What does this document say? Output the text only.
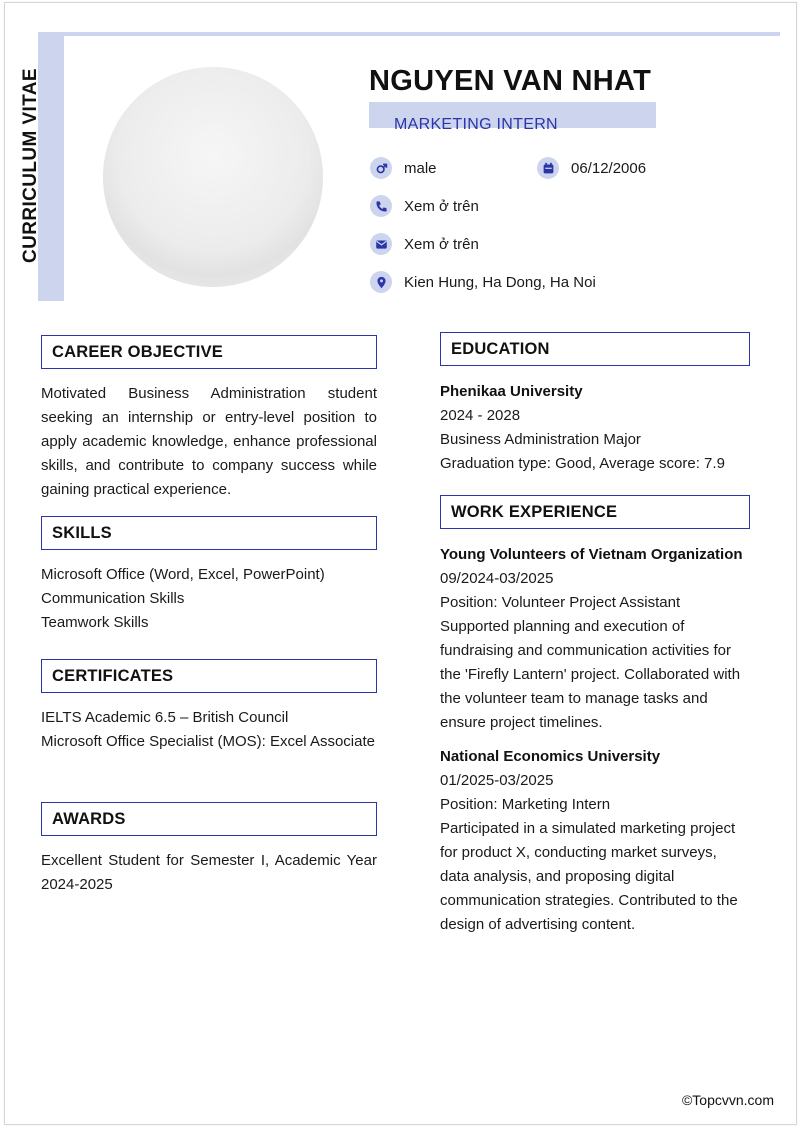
CURRICULUM VITAE	NGUYEN VAN NHAT
MARKETING INTERN
male	06/12/2006
Xem ở trên
Xem ở trên
Kien Hung, Ha Dong, Ha Noi
CAREER OBJECTIVE

Motivated Business Administration student seeking an internship or entry-level position to apply academic knowledge, enhance professional skills, and contribute to company success while gaining practical experience.

SKILLS

Microsoft Office (Word, Excel, PowerPoint)

Communication Skills

Teamwork Skills

CERTIFICATES

IELTS Academic 6.5 – British Council

Microsoft Office Specialist (MOS): Excel Associate

AWARDS

Excellent Student for Semester I, Academic Year 2024-2025

EDUCATION

Phenikaa University

2024 - 2028

Business Administration Major

Graduation type: Good, Average score: 7.9

WORK EXPERIENCE

Young Volunteers of Vietnam Organization

09/2024-03/2025

Position: Volunteer Project Assistant

Supported planning and execution of fundraising and communication activities for the 'Firefly Lantern' project. Collaborated with the volunteer team to manage tasks and ensure project timelines.

National Economics University

01/2025-03/2025

Position: Marketing Intern

Participated in a simulated marketing project for product X, conducting market surveys, data analysis, and proposing digital communication strategies. Contributed to the design of advertising content.

©Topcvvn.com
